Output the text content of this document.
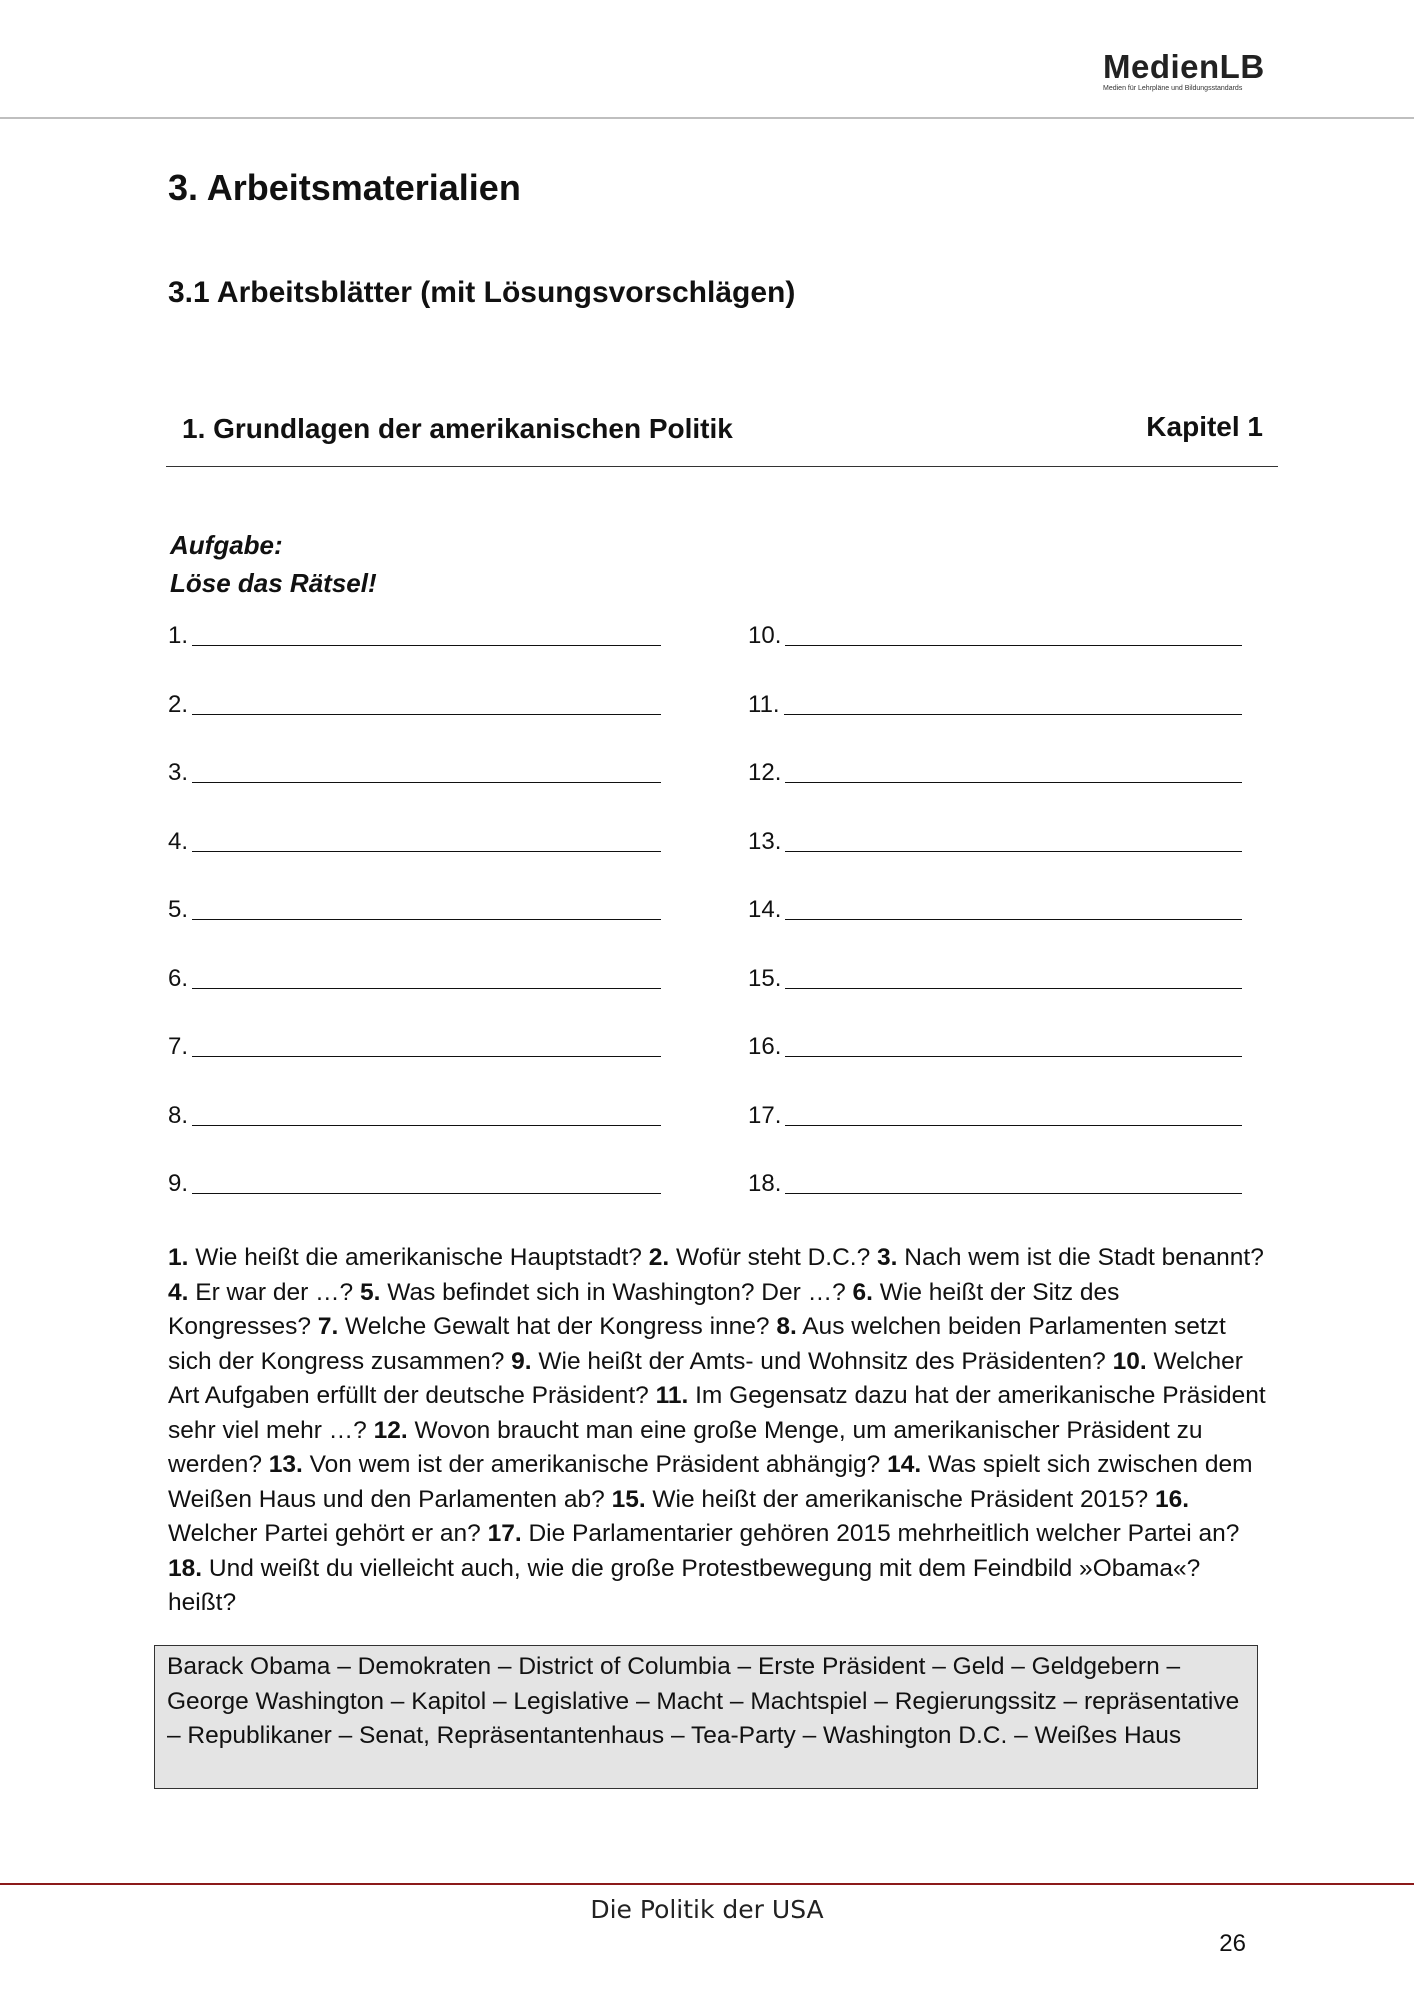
MedienLB
Medien für Lehrpläne und Bildungsstandards
3. Arbeitsmaterialien
3.1 Arbeitsblätter (mit Lösungsvorschlägen)
1. Grundlagen der amerikanischen Politik	Kapitel 1
Aufgabe:
Löse das Rätsel!
1.
2.
3.
4.
5.
6.
7.
8.
9.
10.
11.
12.
13.
14.
15.
16.
17.
18.
1. Wie heißt die amerikanische Hauptstadt? 2. Wofür steht D.C.? 3. Nach wem ist die Stadt benannt? 4. Er war der …? 5. Was befindet sich in Washington? Der …? 6. Wie heißt der Sitz des Kongresses? 7. Welche Gewalt hat der Kongress inne? 8. Aus welchen beiden Parlamenten setzt sich der Kongress zusammen? 9. Wie heißt der Amts- und Wohnsitz des Präsidenten? 10. Welcher Art Aufgaben erfüllt der deutsche Präsident? 11. Im Gegensatz dazu hat der amerikanische Präsident sehr viel mehr …? 12. Wovon braucht man eine große Menge, um amerikanischer Präsident zu werden? 13. Von wem ist der amerikanische Präsident abhängig? 14. Was spielt sich zwischen dem Weißen Haus und den Parlamenten ab? 15. Wie heißt der amerikanische Präsident 2015? 16. Welcher Partei gehört er an? 17. Die Parlamentarier gehören 2015 mehrheitlich welcher Partei an? 18. Und weißt du vielleicht auch, wie die große Protestbewegung mit dem Feindbild »Obama«? heißt?
Barack Obama – Demokraten – District of Columbia – Erste Präsident – Geld – Geldgebern – George Washington – Kapitol – Legislative – Macht – Machtspiel – Regierungssitz – repräsentative – Republikaner – Senat, Repräsentantenhaus – Tea-Party – Washington D.C. – Weißes Haus
Die Politik der USA
26
